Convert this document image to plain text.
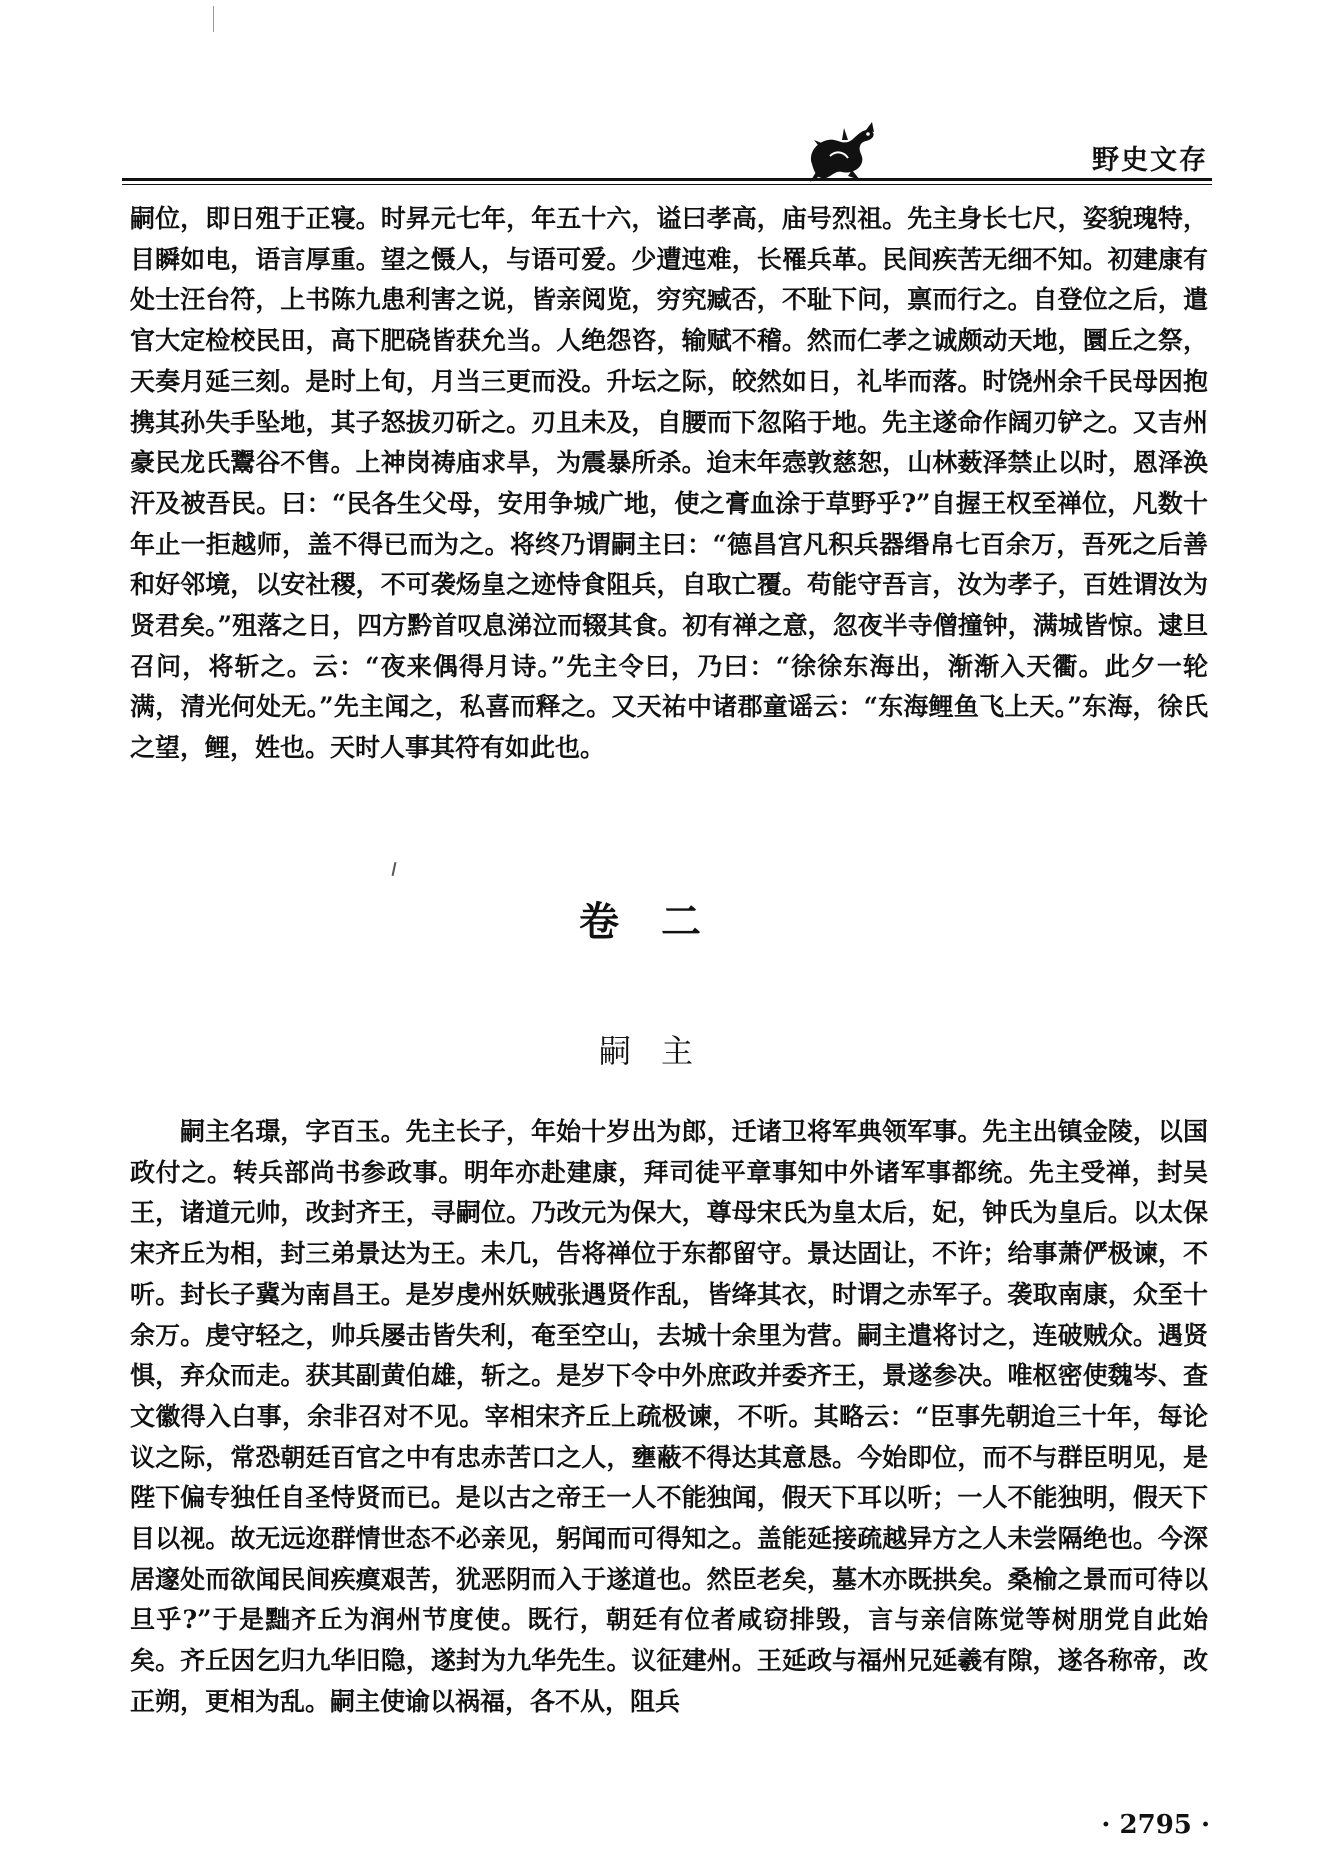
野史文存

嗣位，即日殂于正寝。时昇元七年，年五十六，谥曰孝高，庙号烈祖。先主身长七尺，姿貌瑰特，目瞬如电，语言厚重。望之慑人，与语可爱。少遭迍难，长罹兵革。民间疾苦无细不知。初建康有处士汪台符，上书陈九患利害之说，皆亲阅览，穷究臧否，不耻下问，禀而行之。自登位之后，遣官大定检校民田，高下肥硗皆获允当。人绝怨咨，输赋不稽。然而仁孝之诚颇动天地，圜丘之祭，天奏月延三刻。是时上旬，月当三更而没。升坛之际，皎然如日，礼毕而落。时饶州余千民母因抱携其孙失手坠地，其子怒拔刃斫之。刃且未及，自腰而下忽陷于地。先主遂命作阔刃铲之。又吉州豪民龙氏鬻谷不售。上神岗祷庙求旱，为震暴所杀。迨末年悫敦慈恕，山林薮泽禁止以时，恩泽涣汗及被吾民。曰：“民各生父母，安用争城广地，使之膏血涂于草野乎?”自握王权至禅位，凡数十年止一拒越师，盖不得已而为之。将终乃谓嗣主曰：“德昌宫凡积兵器缗帛七百余万，吾死之后善和好邻境，以安社稷，不可袭炀皇之迹恃食阻兵，自取亡覆。苟能守吾言，汝为孝子，百姓谓汝为贤君矣。”殂落之日，四方黔首叹息涕泣而辍其食。初有禅之意，忽夜半寺僧撞钟，满城皆惊。逮旦召问，将斩之。云：“夜来偶得月诗。”先主令曰，乃曰：“徐徐东海出，渐渐入天衢。此夕一轮满，清光何处无。”先主闻之，私喜而释之。又天祐中诸郡童谣云：“东海鲤鱼飞上天。”东海，徐氏之望，鲤，姓也。天时人事其符有如此也。

卷二
嗣主

嗣主名璟，字百玉。先主长子，年始十岁出为郎，迁诸卫将军典领军事。先主出镇金陵，以国政付之。转兵部尚书参政事。明年亦赴建康，拜司徒平章事知中外诸军事都统。先主受禅，封吴王，诸道元帅，改封齐王，寻嗣位。乃改元为保大，尊母宋氏为皇太后，妃，钟氏为皇后。以太保宋齐丘为相，封三弟景达为王。未几，告将禅位于东都留守。景达固让，不许；给事萧俨极谏，不听。封长子冀为南昌王。是岁虔州妖贼张遇贤作乱，皆绛其衣，时谓之赤军子。袭取南康，众至十余万。虔守轻之，帅兵屡击皆失利，奄至空山，去城十余里为营。嗣主遣将讨之，连破贼众。遇贤惧，弃众而走。获其副黄伯雄，斩之。是岁下令中外庶政并委齐王，景遂参决。唯枢密使魏岑、查文徽得入白事，余非召对不见。宰相宋齐丘上疏极谏，不听。其略云：“臣事先朝迨三十年，每论议之际，常恐朝廷百官之中有忠赤苦口之人，壅蔽不得达其意恳。今始即位，而不与群臣明见，是陛下偏专独任自圣恃贤而已。是以古之帝王一人不能独闻，假天下耳以听；一人不能独明，假天下目以视。故无远迩群情世态不必亲见，躬闻而可得知之。盖能延接疏越异方之人未尝隔绝也。今深居邃处而欲闻民间疾瘼艰苦，犹恶阴而入于遂道也。然臣老矣，墓木亦既拱矣。桑榆之景而可待以旦乎?”于是黜齐丘为润州节度使。既行，朝廷有位者咸窃排毁，言与亲信陈觉等树朋党自此始矣。齐丘因乞归九华旧隐，遂封为九华先生。议征建州。王延政与福州兄延羲有隙，遂各称帝，改正朔，更相为乱。嗣主使谕以祸福，各不从，阻兵

· 2795 ·
